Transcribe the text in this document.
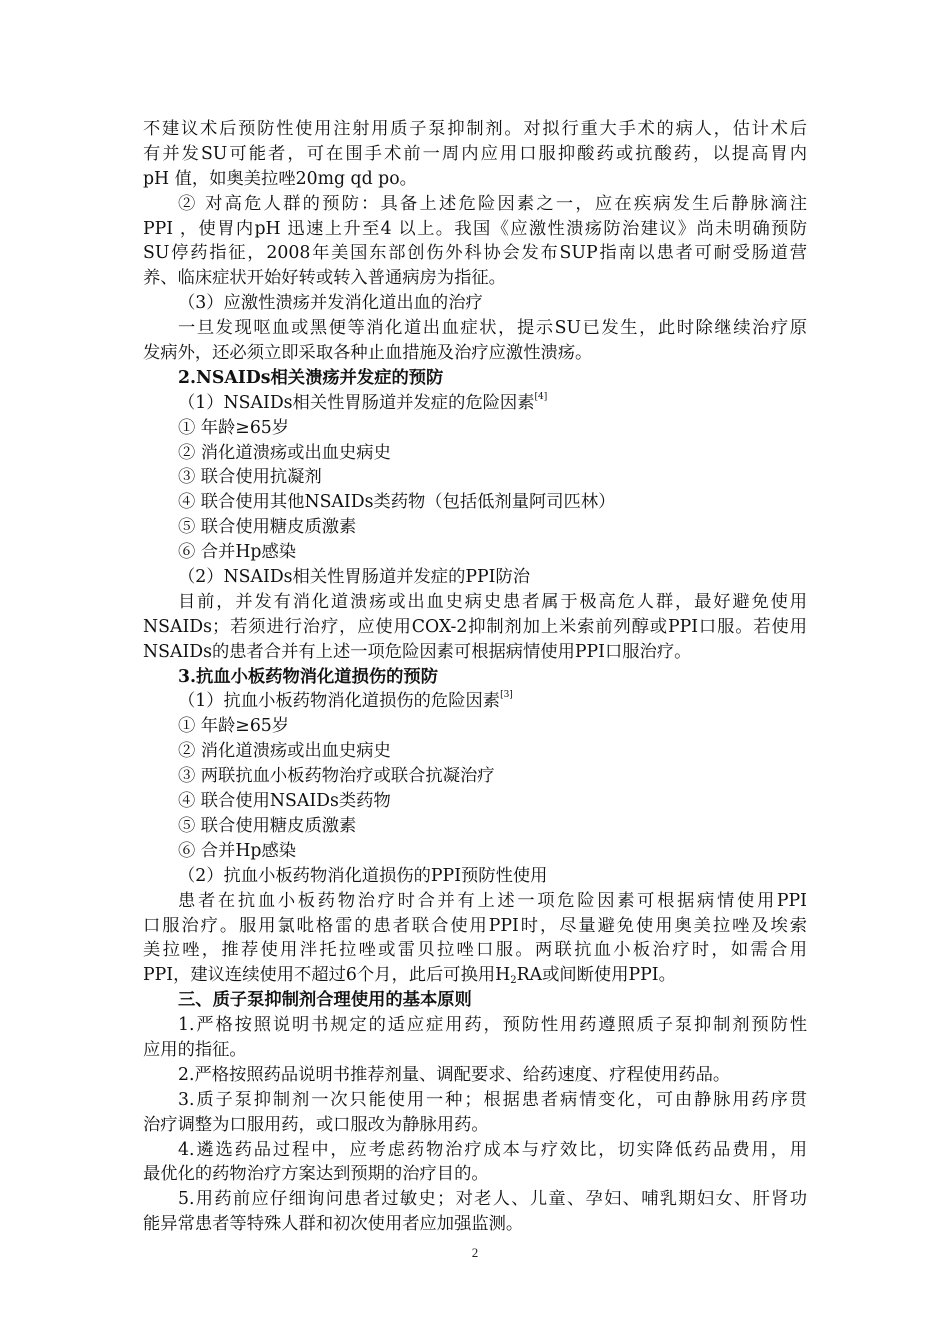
不建议术后预防性使用注射用质子泵抑制剂。对拟行重大手术的病人，估计术后
有并发SU可能者，可在围手术前一周内应用口服抑酸药或抗酸药，以提高胃内
pH 值，如奥美拉唑20mg qd po。
② 对高危人群的预防：具备上述危险因素之一，应在疾病发生后静脉滴注
PPI ，使胃内pH 迅速上升至4 以上。我国《应激性溃疡防治建议》尚未明确预防
SU停药指征，2008年美国东部创伤外科协会发布SUP指南以患者可耐受肠道营
养、临床症状开始好转或转入普通病房为指征。
（3）应激性溃疡并发消化道出血的治疗
一旦发现呕血或黑便等消化道出血症状，提示SU已发生，此时除继续治疗原
发病外，还必须立即采取各种止血措施及治疗应激性溃疡。
2.NSAIDs相关溃疡并发症的预防
（1）NSAIDs相关性胃肠道并发症的危险因素[4]
① 年龄≥65岁
② 消化道溃疡或出血史病史
③ 联合使用抗凝剂
④ 联合使用其他NSAIDs类药物（包括低剂量阿司匹林）
⑤ 联合使用糖皮质激素
⑥ 合并Hp感染
（2）NSAIDs相关性胃肠道并发症的PPI防治
目前，并发有消化道溃疡或出血史病史患者属于极高危人群，最好避免使用
NSAIDs；若须进行治疗，应使用COX-2抑制剂加上米索前列醇或PPI口服。若使用
NSAIDs的患者合并有上述一项危险因素可根据病情使用PPI口服治疗。
3.抗血小板药物消化道损伤的预防
（1）抗血小板药物消化道损伤的危险因素[3]
① 年龄≥65岁
② 消化道溃疡或出血史病史
③ 两联抗血小板药物治疗或联合抗凝治疗
④ 联合使用NSAIDs类药物
⑤ 联合使用糖皮质激素
⑥ 合并Hp感染
（2）抗血小板药物消化道损伤的PPI预防性使用
患者在抗血小板药物治疗时合并有上述一项危险因素可根据病情使用PPI
口服治疗。服用氯吡格雷的患者联合使用PPI时，尽量避免使用奥美拉唑及埃索
美拉唑，推荐使用泮托拉唑或雷贝拉唑口服。两联抗血小板治疗时，如需合用
PPI，建议连续使用不超过6个月，此后可换用$H_2RA$或间断使用PPI。
三、质子泵抑制剂合理使用的基本原则
1.严格按照说明书规定的适应症用药，预防性用药遵照质子泵抑制剂预防性
应用的指征。
2.严格按照药品说明书推荐剂量、调配要求、给药速度、疗程使用药品。
3.质子泵抑制剂一次只能使用一种；根据患者病情变化，可由静脉用药序贯
治疗调整为口服用药，或口服改为静脉用药。
4.遴选药品过程中，应考虑药物治疗成本与疗效比，切实降低药品费用，用
最优化的药物治疗方案达到预期的治疗目的。
5.用药前应仔细询问患者过敏史；对老人、儿童、孕妇、哺乳期妇女、肝肾功
能异常患者等特殊人群和初次使用者应加强监测。
2
